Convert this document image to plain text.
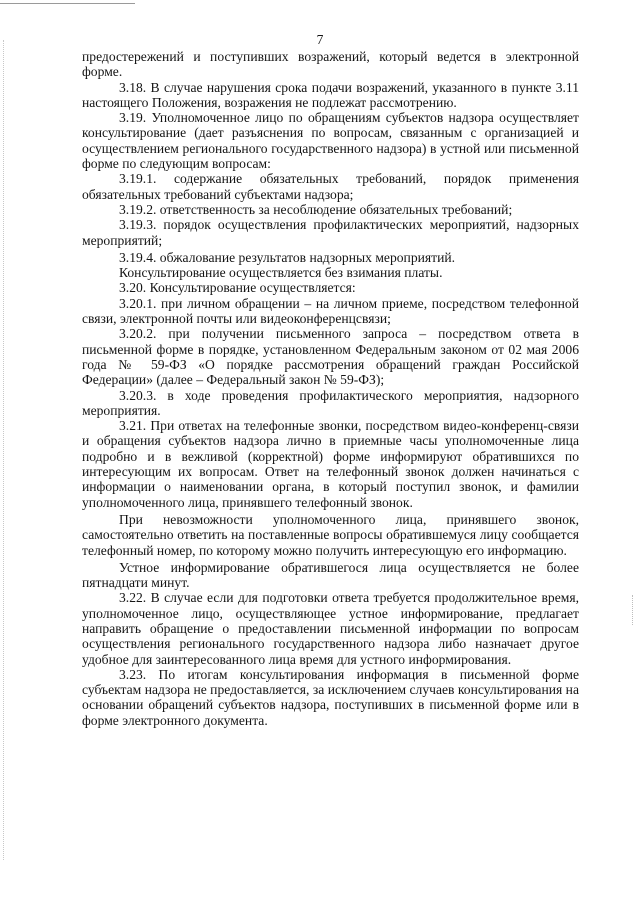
7

предостережений и поступивших возражений, который ведется в электронной форме.

3.18. В случае нарушения срока подачи возражений, указанного в пункте 3.11 настоящего Положения, возражения не подлежат рассмотрению.

3.19. Уполномоченное лицо по обращениям субъектов надзора осуществляет консультирование (дает разъяснения по вопросам, связанным с организацией и осуществлением регионального государственного надзора) в устной или письменной форме по следующим вопросам:

3.19.1. содержание обязательных требований, порядок применения обязательных требований субъектами надзора;

3.19.2. ответственность за несоблюдение обязательных требований;

3.19.3. порядок осуществления профилактических мероприятий, надзорных мероприятий;

3.19.4. обжалование результатов надзорных мероприятий.

Консультирование осуществляется без взимания платы.

3.20. Консультирование осуществляется:

3.20.1. при личном обращении – на личном приеме, посредством телефонной связи, электронной почты или видеоконференцсвязи;

3.20.2. при получении письменного запроса – посредством ответа в письменной форме в порядке, установленном Федеральным законом от 02 мая 2006 года № 59-ФЗ «О порядке рассмотрения обращений граждан Российской Федерации» (далее – Федеральный закон № 59-ФЗ);

3.20.3. в ходе проведения профилактического мероприятия, надзорного мероприятия.

3.21. При ответах на телефонные звонки, посредством видео-конференц-связи и обращения субъектов надзора лично в приемные часы уполномоченные лица подробно и в вежливой (корректной) форме информируют обратившихся по интересующим их вопросам. Ответ на телефонный звонок должен начинаться с информации о наименовании органа, в который поступил звонок, и фамилии уполномоченного лица, принявшего телефонный звонок.

При невозможности уполномоченного лица, принявшего звонок, самостоятельно ответить на поставленные вопросы обратившемуся лицу сообщается телефонный номер, по которому можно получить интересующую его информацию.

Устное информирование обратившегося лица осуществляется не более пятнадцати минут.

3.22. В случае если для подготовки ответа требуется продолжительное время, уполномоченное лицо, осуществляющее устное информирование, предлагает направить обращение о предоставлении письменной информации по вопросам осуществления регионального государственного надзора либо назначает другое удобное для заинтересованного лица время для устного информирования.

3.23. По итогам консультирования информация в письменной форме субъектам надзора не предоставляется, за исключением случаев консультирования на основании обращений субъектов надзора, поступивших в письменной форме или в форме электронного документа.
